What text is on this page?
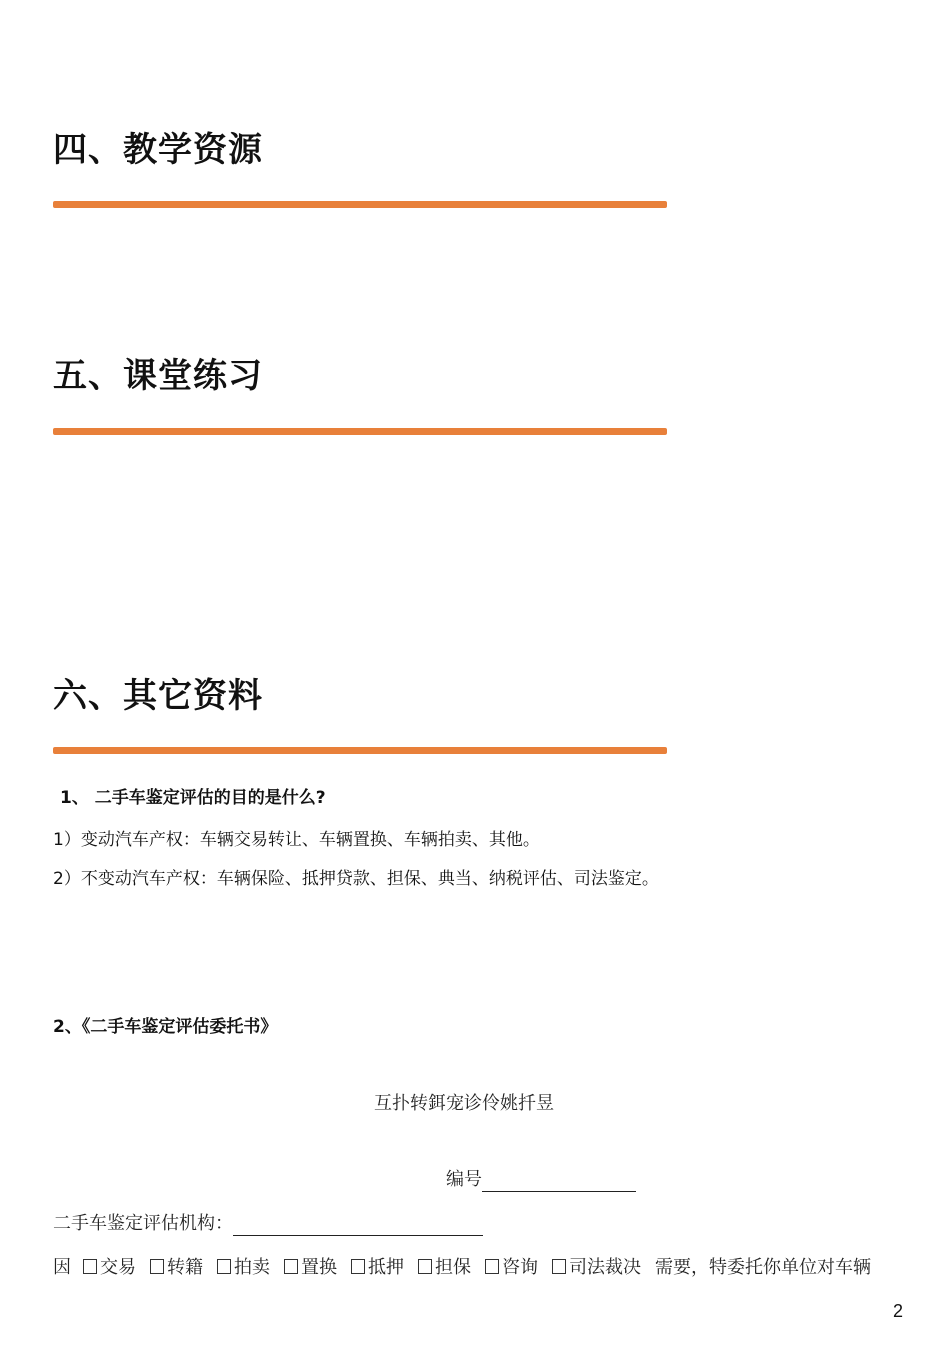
四、教学资源
五、课堂练习
六、其它资料
1、 二手车鉴定评估的目的是什么?
1）变动汽车产权：车辆交易转让、车辆置换、车辆拍卖、其他。
2）不变动汽车产权：车辆保险、抵押贷款、担保、典当、纳税评估、司法鉴定。
2、《二手车鉴定评估委托书》
互扑转鉺宠诊伶姚扦昱
编号
二手车鉴定评估机构：
因 交易 转籍 拍卖 置换 抵押 担保 咨询 司法裁决 需要，特委托你单位对车辆
2
